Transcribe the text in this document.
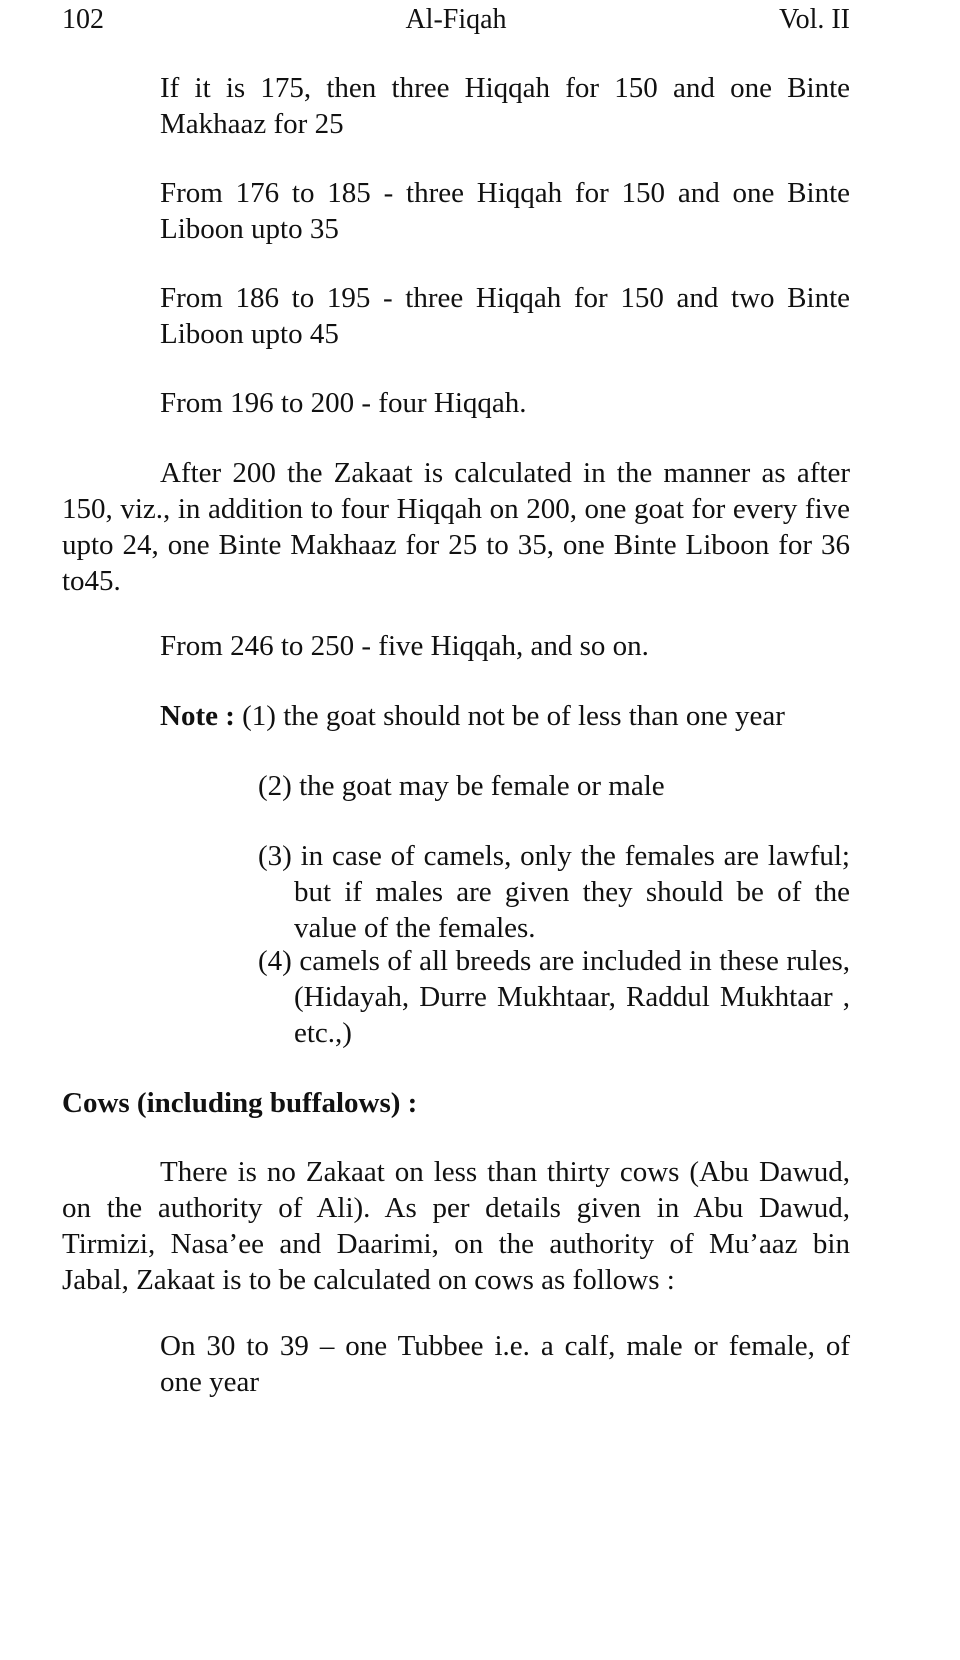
102	Al-Fiqah	Vol. II

If it is 175, then three Hiqqah for 150 and one Binte Makhaaz for 25

From 176 to 185 - three Hiqqah for 150 and one Binte Liboon upto 35

From 186 to 195 - three Hiqqah for 150 and two Binte Liboon upto 45

From 196 to 200 - four Hiqqah.

After 200 the Zakaat is calculated in the manner as after 150, viz., in addition to four Hiqqah on 200, one goat for every five upto 24, one Binte Makhaaz for 25 to 35, one Binte Liboon for 36 to45.

From 246 to 250 - five Hiqqah, and so on.

Note : (1) the goat should not be of less than one year

(2) the goat may be female or male

(3) in case of camels, only the females are lawful; but if males are given they should be of the value of the females.

(4) camels of all breeds are included in these rules, (Hidayah, Durre Mukhtaar, Raddul Mukhtaar , etc.,)

Cows (including buffalows) :

There is no Zakaat on less than thirty cows (Abu Dawud, on the authority of Ali). As per details given in Abu Dawud, Tirmizi, Nasa’ee and Daarimi, on the authority of Mu’aaz bin Jabal, Zakaat is to be calculated on cows as follows :

On 30 to 39 – one Tubbee i.e. a calf, male or female, of one year
